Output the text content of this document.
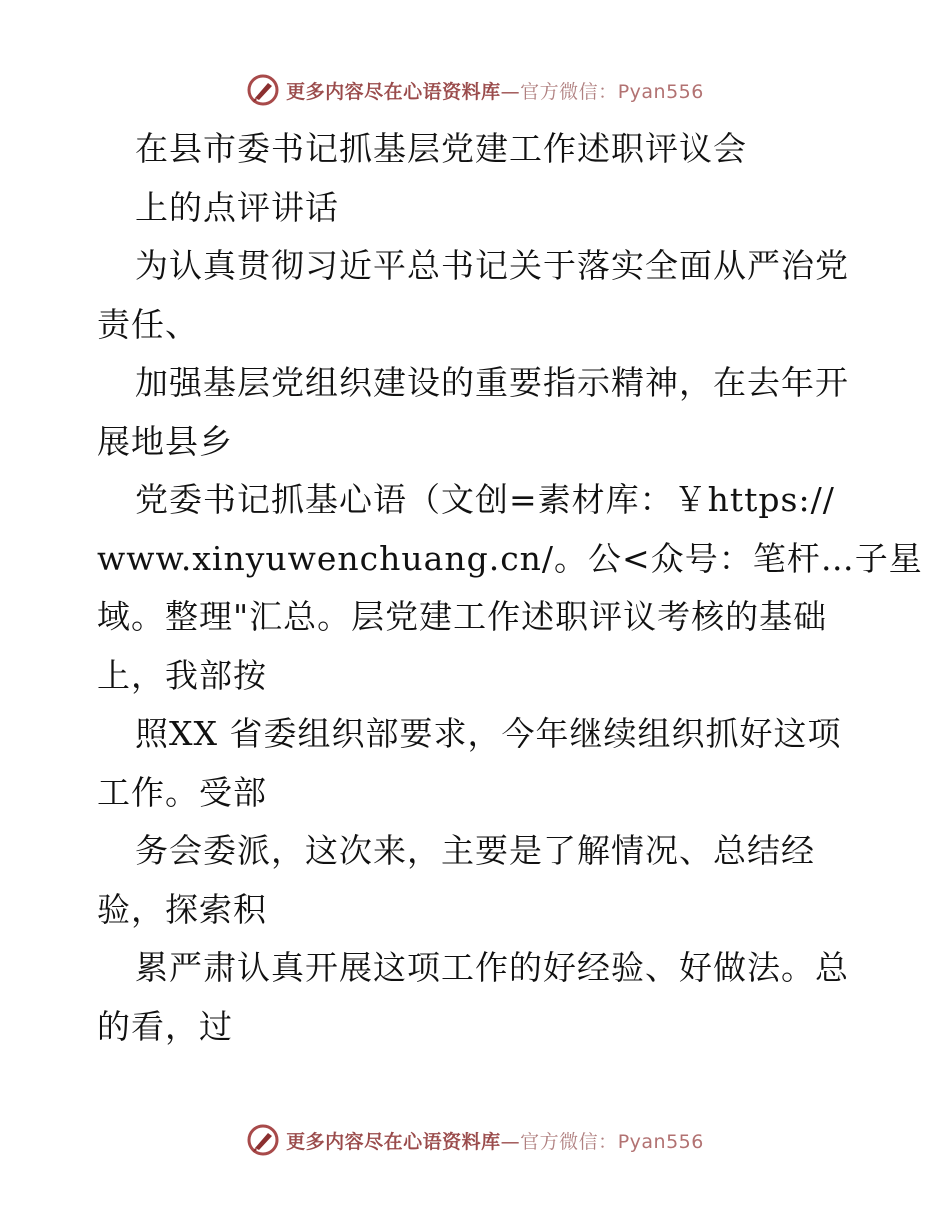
更多内容尽在心语资料库—官方微信：Pyan556
在县市委书记抓基层党建工作述职评议会
上的点评讲话
为认真贯彻习近平总书记关于落实全面从严治党
责任、
加强基层党组织建设的重要指示精神，在去年开
展地县乡
党委书记抓基心语（文创=素材库：￥https://
www.xinyuwenchuang.cn/。公<众号：笔杆…子星
域。整理"汇总。层党建工作述职评议考核的基础
上，我部按
照XX 省委组织部要求，今年继续组织抓好这项
工作。受部
务会委派，这次来，主要是了解情况、总结经
验，探索积
累严肃认真开展这项工作的好经验、好做法。总
的看，过
更多内容尽在心语资料库—官方微信：Pyan556
